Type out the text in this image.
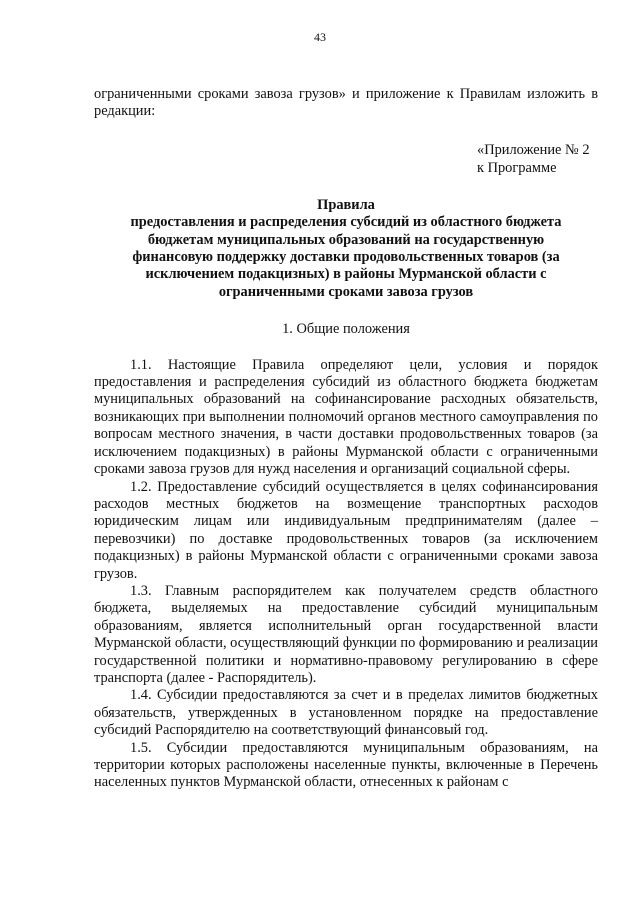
43

ограниченными сроками завоза грузов» и приложение к Правилам изложить в редакции:

«Приложение № 2
к Программе
Правила
предоставления и распределения субсидий из областного бюджета
бюджетам муниципальных образований на государственную
финансовую поддержку доставки продовольственных товаров (за
исключением подакцизных) в районы Мурманской области с
ограниченными сроками завоза грузов
1. Общие положения

1.1. Настоящие Правила определяют цели, условия и порядок предоставления и распределения субсидий из областного бюджета бюджетам муниципальных образований на софинансирование расходных обязательств, возникающих при выполнении полномочий органов местного самоуправления по вопросам местного значения, в части доставки продовольственных товаров (за исключением подакцизных) в районы Мурманской области с ограниченными сроками завоза грузов для нужд населения и организаций социальной сферы.

1.2. Предоставление субсидий осуществляется в целях софинансирования расходов местных бюджетов на возмещение транспортных расходов юридическим лицам или индивидуальным предпринимателям (далее – перевозчики) по доставке продовольственных товаров (за исключением подакцизных) в районы Мурманской области с ограниченными сроками завоза грузов.

1.3. Главным распорядителем как получателем средств областного бюджета, выделяемых на предоставление субсидий муниципальным образованиям, является исполнительный орган государственной власти Мурманской области, осуществляющий функции по формированию и реализации государственной политики и нормативно-правовому регулированию в сфере транспорта (далее - Распорядитель).

1.4. Субсидии предоставляются за счет и в пределах лимитов бюджетных обязательств, утвержденных в установленном порядке на предоставление субсидий Распорядителю на соответствующий финансовый год.

1.5. Субсидии предоставляются муниципальным образованиям, на территории которых расположены населенные пункты, включенные в Перечень населенных пунктов Мурманской области, отнесенных к районам с
